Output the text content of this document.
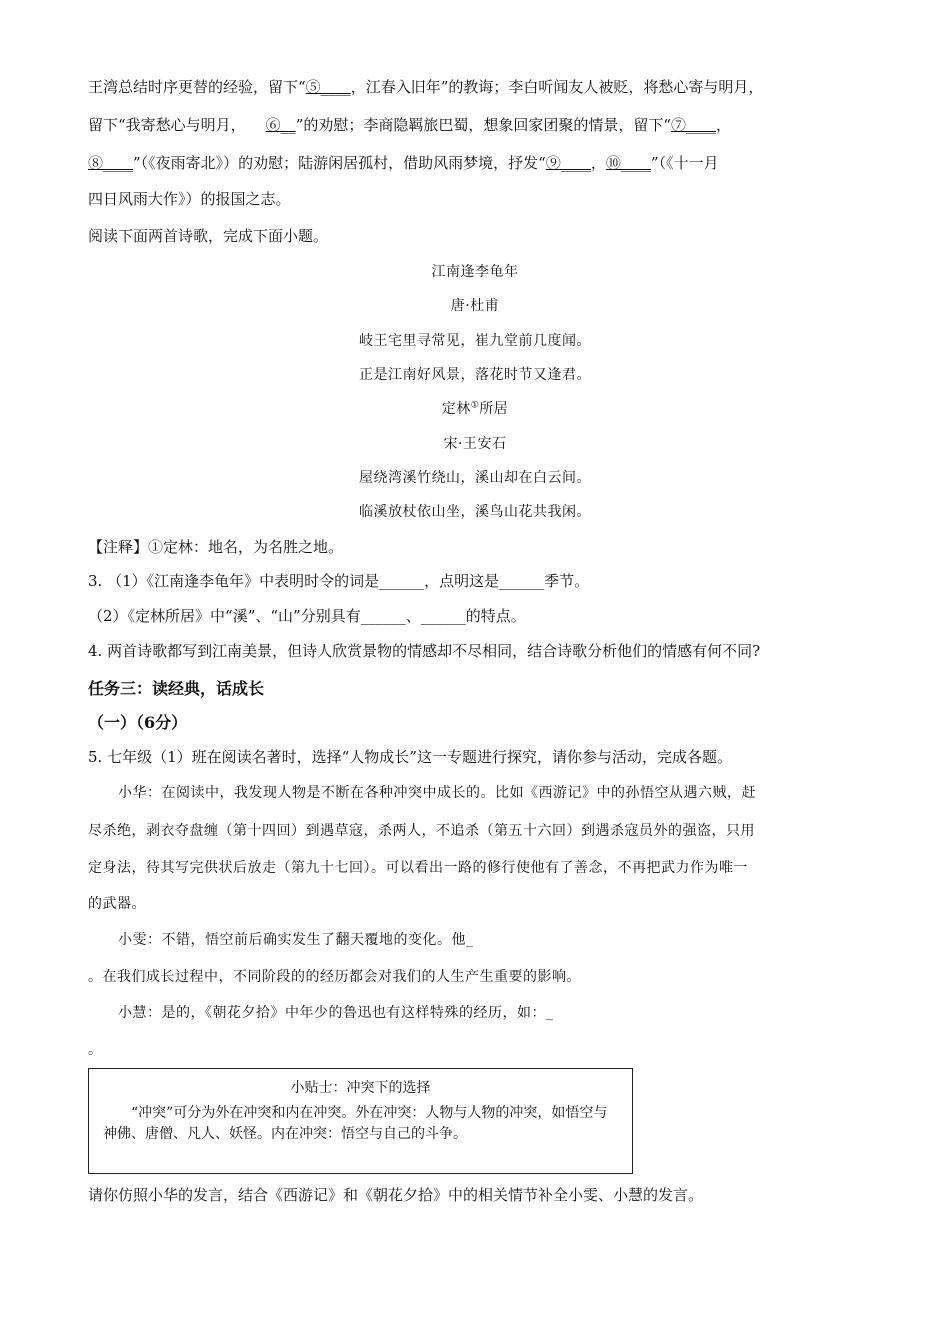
王湾总结时序更替的经验，留下“⑤____，江春入旧年”的教诲；李白听闻友人被贬，将愁心寄与明月，
留下“我寄愁心与明月， ⑥__”的劝慰；李商隐羁旅巴蜀，想象回家团聚的情景，留下“⑦____，
⑧____”（《夜雨寄北》）的劝慰；陆游闲居孤村，借助风雨梦境，抒发“⑨____，⑩____”（《十一月
四日风雨大作》）的报国之志。
阅读下面两首诗歌，完成下面小题。
江南逢李龟年
唐·杜甫
岐王宅里寻常见，崔九堂前几度闻。
正是江南好风景，落花时节又逢君。
定林①所居
宋·王安石
屋绕湾溪竹绕山，溪山却在白云间。
临溪放杖依山坐，溪鸟山花共我闲。
【注释】①定林：地名，为名胜之地。
3. （1）《江南逢李龟年》中表明时令的词是______，点明这是______季节。
（2）《定林所居》中“溪”、“山”分别具有______、______的特点。
4. 两首诗歌都写到江南美景，但诗人欣赏景物的情感却不尽相同，结合诗歌分析他们的情感有何不同?
任务三：读经典，话成长
（一）（6分）
5. 七年级（1）班在阅读名著时，选择“人物成长”这一专题进行探究，请你参与活动，完成各题。
小华：在阅读中，我发现人物是不断在各种冲突中成长的。比如《西游记》中的孙悟空从遇六贼，赶
尽杀绝，剥衣夺盘缠（第十四回）到遇草寇，杀两人，不追杀（第五十六回）到遇杀寇员外的强盗，只用
定身法，待其写完供状后放走（第九十七回）。可以看出一路的修行使他有了善念，不再把武力作为唯一
的武器。
小雯：不错，悟空前后确实发生了翻天覆地的变化。他_
。在我们成长过程中，不同阶段的的经历都会对我们的人生产生重要的影响。
小慧：是的，《朝花夕拾》中年少的鲁迅也有这样特殊的经历，如：_
。
小贴士：冲突下的选择
“冲突”可分为外在冲突和内在冲突。外在冲突：人物与人物的冲突，如悟空与神佛、唐僧、凡人、妖怪。内在冲突：悟空与自己的斗争。
请你仿照小华的发言，结合《西游记》和《朝花夕拾》中的相关情节补全小雯、小慧的发言。
